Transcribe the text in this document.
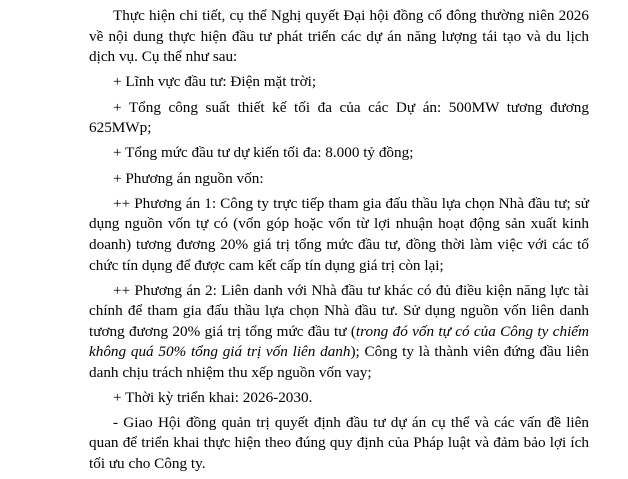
Thực hiện chi tiết, cụ thể Nghị quyết Đại hội đồng cổ đông thường niên 2026 về nội dung thực hiện đầu tư phát triển các dự án năng lượng tái tạo và du lịch dịch vụ. Cụ thể như sau:

+ Lĩnh vực đầu tư: Điện mặt trời;

+ Tổng công suất thiết kế tối đa của các Dự án: 500MW tương đương 625MWp;

+ Tổng mức đầu tư dự kiến tối đa: 8.000 tỷ đồng;

+ Phương án nguồn vốn:

++ Phương án 1: Công ty trực tiếp tham gia đấu thầu lựa chọn Nhà đầu tư; sử dụng nguồn vốn tự có (vốn góp hoặc vốn từ lợi nhuận hoạt động sản xuất kinh doanh) tương đương 20% giá trị tổng mức đầu tư, đồng thời làm việc với các tổ chức tín dụng để được cam kết cấp tín dụng giá trị còn lại;

++ Phương án 2: Liên danh với Nhà đầu tư khác có đủ điều kiện năng lực tài chính để tham gia đấu thầu lựa chọn Nhà đầu tư. Sử dụng nguồn vốn liên danh tương đương 20% giá trị tổng mức đầu tư (trong đó vốn tự có của Công ty chiếm không quá 50% tổng giá trị vốn liên danh); Công ty là thành viên đứng đầu liên danh chịu trách nhiệm thu xếp nguồn vốn vay;

+ Thời kỳ triển khai: 2026-2030.

- Giao Hội đồng quản trị quyết định đầu tư dự án cụ thể và các vấn đề liên quan để triển khai thực hiện theo đúng quy định của Pháp luật và đảm bảo lợi ích tối ưu cho Công ty.
